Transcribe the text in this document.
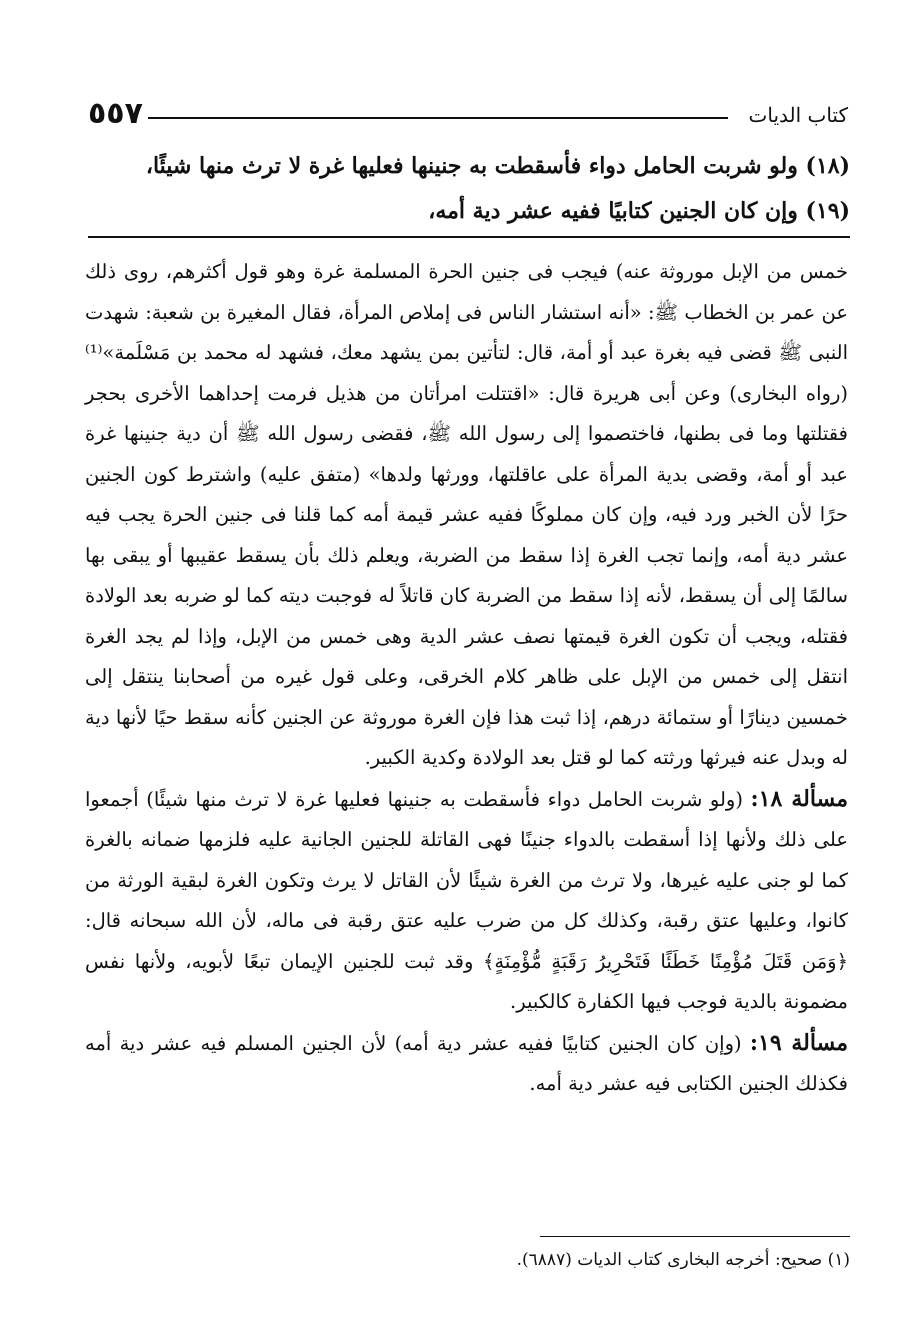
كتاب الديات
٥٥٧

(١٨) ولو شربت الحامل دواء فأسقطت به جنينها فعليها غرة لا ترث منها شيئًا،

(١٩) وإن كان الجنين كتابيًا ففيه عشر دية أمه،

خمس من الإبل موروثة عنه) فيجب فى جنين الحرة المسلمة غرة وهو قول أكثرهم، روى ذلك عن عمر بن الخطاب ﷺ: «أنه استشار الناس فى إملاص المرأة، فقال المغيرة بن شعبة: شهدت النبى ﷺ قضى فيه بغرة عبد أو أمة، قال: لتأتين بمن يشهد معك، فشهد له محمد بن مَسْلَمة»⁽¹⁾ (رواه البخارى) وعن أبى هريرة قال: «اقتتلت امرأتان من هذيل فرمت إحداهما الأخرى بحجر فقتلتها وما فى بطنها، فاختصموا إلى رسول الله ﷺ، فقضى رسول الله ﷺ أن دية جنينها غرة عبد أو أمة، وقضى بدية المرأة على عاقلتها، وورثها ولدها» (متفق عليه) واشترط كون الجنين حرًا لأن الخبر ورد فيه، وإن كان مملوكًا ففيه عشر قيمة أمه كما قلنا فى جنين الحرة يجب فيه عشر دية أمه، وإنما تجب الغرة إذا سقط من الضربة، ويعلم ذلك بأن يسقط عقيبها أو يبقى بها سالمًا إلى أن يسقط، لأنه إذا سقط من الضربة كان قاتلاً له فوجبت ديته كما لو ضربه بعد الولادة فقتله، ويجب أن تكون الغرة قيمتها نصف عشر الدية وهى خمس من الإبل، وإذا لم يجد الغرة انتقل إلى خمس من الإبل على ظاهر كلام الخرقى، وعلى قول غيره من أصحابنا ينتقل إلى خمسين دينارًا أو ستمائة درهم، إذا ثبت هذا فإن الغرة موروثة عن الجنين كأنه سقط حيًا لأنها دية له وبدل عنه فيرثها ورثته كما لو قتل بعد الولادة وكدية الكبير.

مسألة ١٨: (ولو شربت الحامل دواء فأسقطت به جنينها فعليها غرة لا ترث منها شيئًا) أجمعوا على ذلك ولأنها إذا أسقطت بالدواء جنينًا فهى القاتلة للجنين الجانية عليه فلزمها ضمانه بالغرة كما لو جنى عليه غيرها، ولا ترث من الغرة شيئًا لأن القاتل لا يرث وتكون الغرة لبقية الورثة من كانوا، وعليها عتق رقبة، وكذلك كل من ضرب عليه عتق رقبة فى ماله، لأن الله سبحانه قال: ﴿وَمَن قَتَلَ مُؤْمِنًا خَطَئًا فَتَحْرِيرُ رَقَبَةٍ مُّؤْمِنَةٍ﴾ وقد ثبت للجنين الإيمان تبعًا لأبويه، ولأنها نفس مضمونة بالدية فوجب فيها الكفارة كالكبير.

مسألة ١٩: (وإن كان الجنين كتابيًا ففيه عشر دية أمه) لأن الجنين المسلم فيه عشر دية أمه فكذلك الجنين الكتابى فيه عشر دية أمه.

(١) صحيح: أخرجه البخارى كتاب الديات (٦٨٨٧).
